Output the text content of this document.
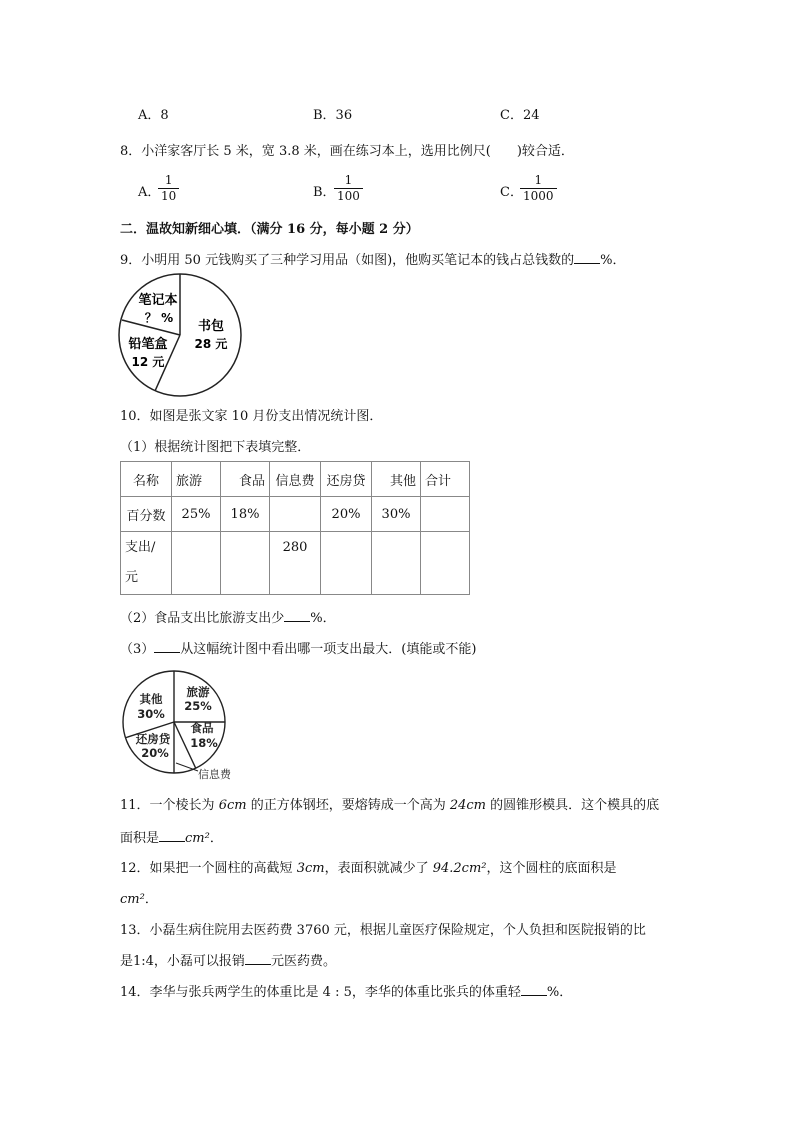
A．8	B．36	C．24
8．小洋家客厅长 5 米，宽 3.8 米，画在练习本上，选用比例尺(　　)较合适．
A．
$\frac{1}{10}$	B．
$\frac{1}{100}$	C．
$\frac{1}{1000}$
二．温故知新细心填．（满分 16 分，每小题 2 分）
9．小明用 50 元钱购买了三种学习用品（如图)，他购买笔记本的钱占总钱数的 %．
笔记本
？ %
书包
28 元
铅笔盒
12 元
10．如图是张文家 10 月份支出情况统计图．
（1）根据统计图把下表填完整．
名称	旅游	食品	信息费	还房贷	其他	合计
百分数	25%	18%		20%	30%	

支出/
元			280			
（2）食品支出比旅游支出少 %．
（3） 从这幅统计图中看出哪一项支出最大．(填能或不能)
旅游
25%
食品
18%
还房贷
20%
其他
30%
信息费
11．一个棱长为 6cm 的正方体钢坯，要熔铸成一个高为 24cm 的圆锥形模具．这个模具的底
面积是 cm²．
12．如果把一个圆柱的高截短 3cm，表面积就减少了 94.2cm²，这个圆柱的底面积是
cm²．
13．小磊生病住院用去医药费 3760 元，根据儿童医疗保险规定，个人负担和医院报销的比
是1:4，小磊可以报销 元医药费。
14．李华与张兵两学生的体重比是 4 : 5，李华的体重比张兵的体重轻 %．
